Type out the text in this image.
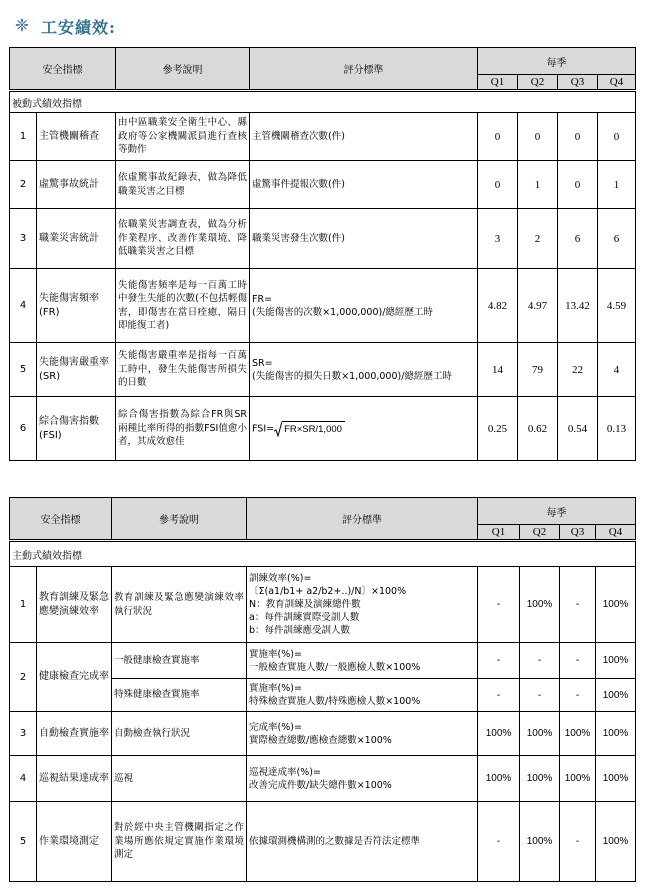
❈ 工安績效:
安全指標		參考說明	評分標準	每季			
				Q1	Q2	Q3	Q4
被動式績效指標							
1	主管機關稽查	由中區職業安全衛生中心、縣政府等公家機關派員進行查核等動作	主管機關稽查次數(件)	0	0	0	0
2	虛驚事故統計	依虛驚事故紀錄表，做為降低職業災害之目標	虛驚事件提報次數(件)	0	1	0	1
3	職業災害統計	依職業災害調查表，做為分析作業程序、改善作業環境、降低職業災害之目標	職業災害發生次數(件)	3	2	6	6
4	失能傷害頻率(FR)	失能傷害頻率是每一百萬工時中發生失能的次數(不包括輕傷害，即傷害在當日痊癒，隔日即能復工者)	FR=
(失能傷害的次數×1,000,000)/總經歷工時	4.82	4.97	13.42	4.59
5	失能傷害嚴重率(SR)	失能傷害嚴重率是指每一百萬工時中，發生失能傷害所損失的日數	SR=
(失能傷害的損失日數×1,000,000)/總經歷工時	14	79	22	4
6	綜合傷害指數(FSI)	綜合傷害指數為綜合FR與SR兩種比率所得的指數FSI值愈小者，其成效愈佳	FSI= FR×SR/1,000	0.25	0.62	0.54	0.13
安全指標		參考說明	評分標準	每季			
				Q1	Q2	Q3	Q4
主動式績效指標							
1	教育訓練及緊急應變演練效率	教育訓練及緊急應變演練效率執行狀況	訓練效率(%)=
〔Σ(a1/b1+ a2/b2+..)/N〕×100%
N：教育訓練及演練總件數
a：每件訓練實際受訓人數
b：每件訓練應受訓人數	-	100%	-	100%
2	健康檢查完成率	一般健康檢查實施率	實施率(%)=
一般檢查實施人數/一般應檢人數×100%	-	-	-	100%
		特殊健康檢查實施率	實施率(%)=
特殊檢查實施人數/特殊應檢人數×100%	-	-	-	100%
3	自動檢查實施率	自動檢查執行狀況	完成率(%)=
實際檢查總數/應檢查總數×100%	100%	100%	100%	100%
4	巡視結果達成率	巡視	巡視達成率(%)=
改善完成件數/缺失總件數×100%	100%	100%	100%	100%
5	作業環境測定	對於經中央主管機關指定之作業場所應依規定實施作業環境測定	依據環測機構測的之數據是否符法定標準	-	100%	-	100%
